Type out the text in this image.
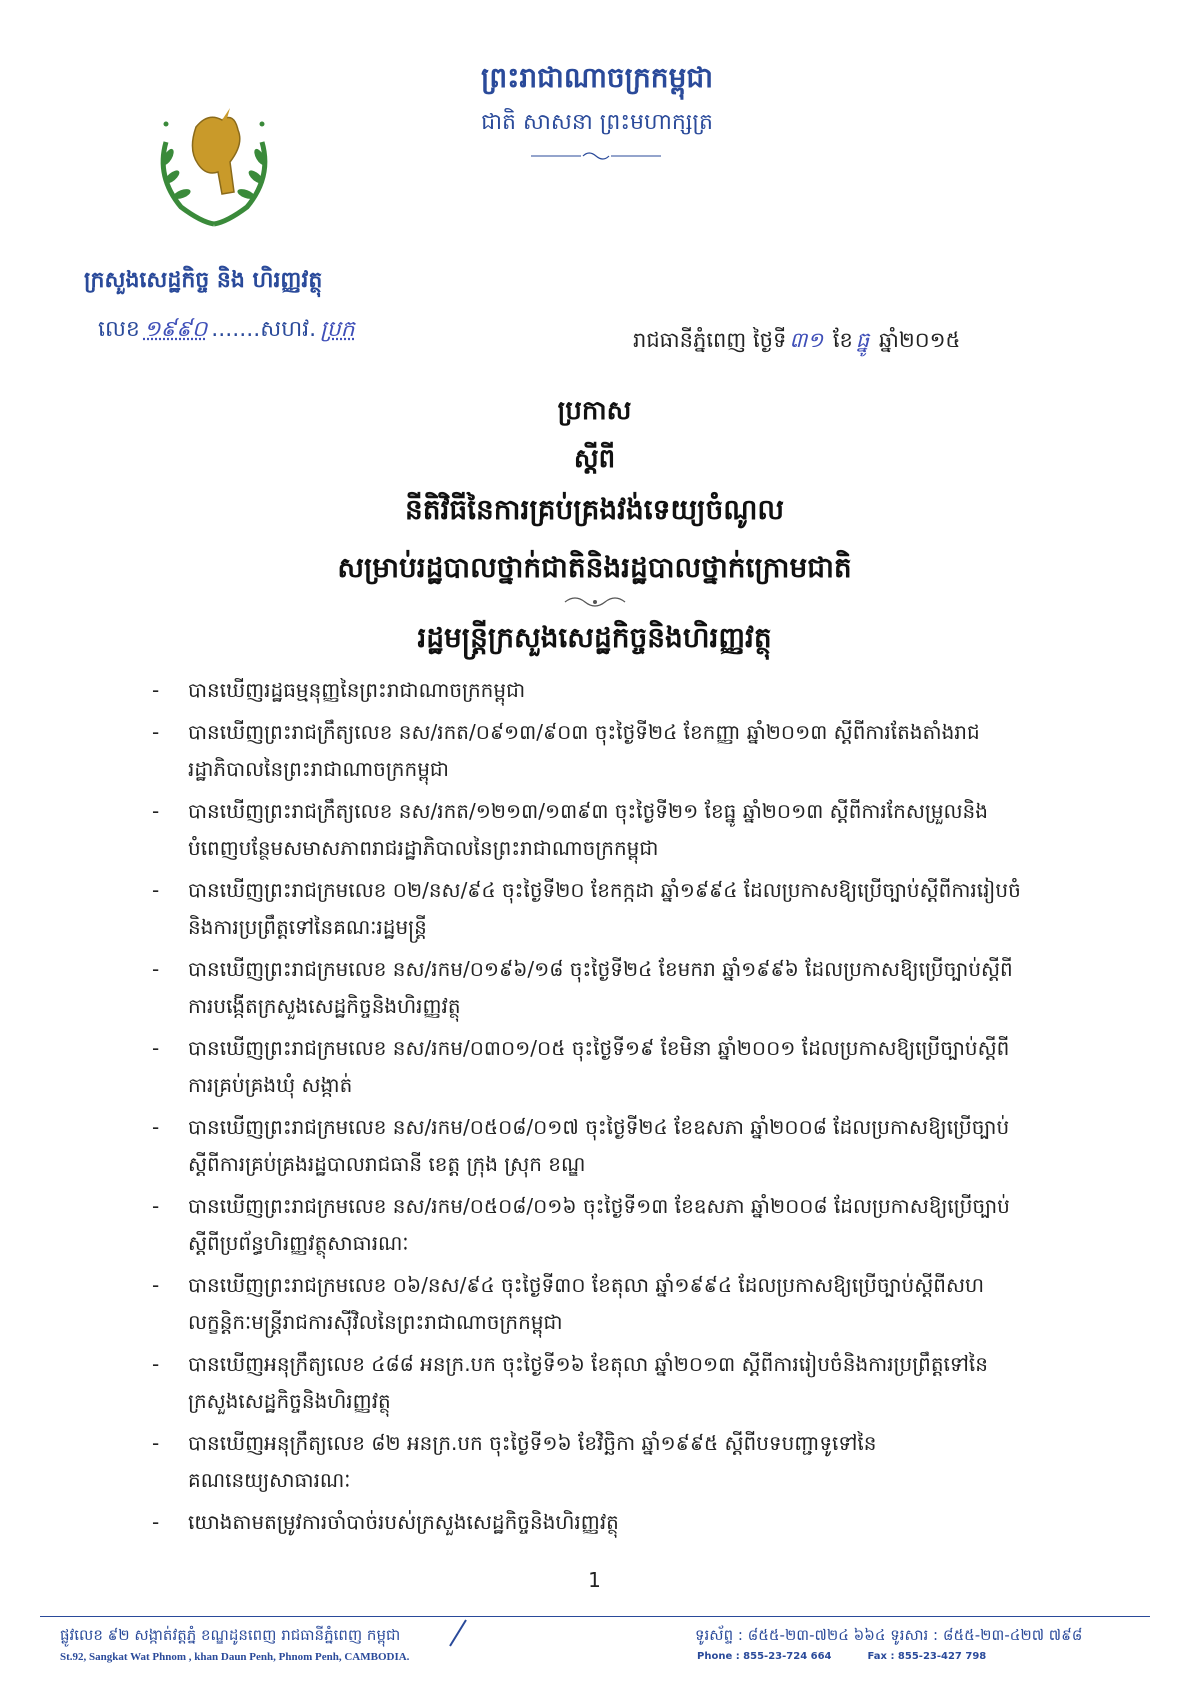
ក្រសួងសេដ្ឋកិច្ច និង ហិរញ្ញវត្ថុ
លេខ ១៩៩០ .......សហវ. ប្រក
ព្រះរាជាណាចក្រកម្ពុជា
ជាតិ សាសនា ព្រះមហាក្សត្រ
រាជធានីភ្នំពេញ ថ្ងៃទី ៣១ ខែ ធ្នូ ឆ្នាំ២០១៥
ប្រកាស
ស្តីពី
នីតិវិធីនៃការគ្រប់គ្រងវង់ទេយ្យចំណូល
សម្រាប់រដ្ឋបាលថ្នាក់ជាតិនិងរដ្ឋបាលថ្នាក់ក្រោមជាតិ
រដ្ឋមន្ត្រីក្រសួងសេដ្ឋកិច្ចនិងហិរញ្ញវត្ថុ
- បានឃើញរដ្ឋធម្មនុញ្ញនៃព្រះរាជាណាចក្រកម្ពុជា
- បានឃើញព្រះរាជក្រឹត្យលេខ នស/រកត/០៩១៣/៩០៣ ចុះថ្ងៃទី២៤ ខែកញ្ញា ឆ្នាំ២០១៣ ស្តីពីការតែងតាំងរាជរដ្ឋាភិបាលនៃព្រះរាជាណាចក្រកម្ពុជា
- បានឃើញព្រះរាជក្រឹត្យលេខ នស/រកត/១២១៣/១៣៩៣ ចុះថ្ងៃទី២១ ខែធ្នូ ឆ្នាំ២០១៣ ស្តីពីការកែសម្រួលនិងបំពេញបន្ថែមសមាសភាពរាជរដ្ឋាភិបាលនៃព្រះរាជាណាចក្រកម្ពុជា
- បានឃើញព្រះរាជក្រមលេខ ០២/នស/៩៤ ចុះថ្ងៃទី២០ ខែកក្កដា ឆ្នាំ១៩៩៤ ដែលប្រកាសឱ្យប្រើច្បាប់ស្តីពីការរៀបចំនិងការប្រព្រឹត្តទៅនៃគណៈរដ្ឋមន្ត្រី
- បានឃើញព្រះរាជក្រមលេខ នស/រកម/០១៩៦/១៨ ចុះថ្ងៃទី២៤ ខែមករា ឆ្នាំ១៩៩៦ ដែលប្រកាសឱ្យប្រើច្បាប់ស្តីពីការបង្កើតក្រសួងសេដ្ឋកិច្ចនិងហិរញ្ញវត្ថុ
- បានឃើញព្រះរាជក្រមលេខ នស/រកម/០៣០១/០៥ ចុះថ្ងៃទី១៩ ខែមិនា ឆ្នាំ២០០១ ដែលប្រកាសឱ្យប្រើច្បាប់ស្តីពីការគ្រប់គ្រងឃុំ សង្កាត់
- បានឃើញព្រះរាជក្រមលេខ នស/រកម/០៥០៨/០១៧ ចុះថ្ងៃទី២៤ ខែឧសភា ឆ្នាំ២០០៨ ដែលប្រកាសឱ្យប្រើច្បាប់ស្តីពីការគ្រប់គ្រងរដ្ឋបាលរាជធានី ខេត្ត ក្រុង ស្រុក ខណ្ឌ
- បានឃើញព្រះរាជក្រមលេខ នស/រកម/០៥០៨/០១៦ ចុះថ្ងៃទី១៣ ខែឧសភា ឆ្នាំ២០០៨ ដែលប្រកាសឱ្យប្រើច្បាប់ស្តីពីប្រព័ន្ធហិរញ្ញវត្ថុសាធារណៈ
- បានឃើញព្រះរាជក្រមលេខ ០៦/នស/៩៤ ចុះថ្ងៃទី៣០ ខែតុលា ឆ្នាំ១៩៩៤ ដែលប្រកាសឱ្យប្រើច្បាប់ស្តីពីសហលក្ខន្តិកៈមន្ត្រីរាជការស៊ីវិលនៃព្រះរាជាណាចក្រកម្ពុជា
- បានឃើញអនុក្រឹត្យលេខ ៤៨៨ អនក្រ.បក ចុះថ្ងៃទី១៦ ខែតុលា ឆ្នាំ២០១៣ ស្តីពីការរៀបចំនិងការប្រព្រឹត្តទៅនៃក្រសួងសេដ្ឋកិច្ចនិងហិរញ្ញវត្ថុ
- បានឃើញអនុក្រឹត្យលេខ ៨២ អនក្រ.បក ចុះថ្ងៃទី១៦ ខែវិច្ឆិកា ឆ្នាំ១៩៩៥ ស្តីពីបទបញ្ជាទូទៅនៃគណនេយ្យសាធារណៈ
- យោងតាមតម្រូវការចាំបាច់របស់ក្រសួងសេដ្ឋកិច្ចនិងហិរញ្ញវត្ថុ
1
ផ្លូវលេខ ៩២ សង្កាត់វត្តភ្នំ ខណ្ឌដូនពេញ រាជធានីភ្នំពេញ កម្ពុជា
St.92, Sangkat Wat Phnom , khan Daun Penh, Phnom Penh, CAMBODIA.
ទូរស័ព្ទ : ៨៥៥-២៣-៧២៤ ៦៦៤ ទូរសារ : ៨៥៥-២៣-៤២៧ ៧៩៨
Phone : 855-23-724 664	Fax : 855-23-427 798
